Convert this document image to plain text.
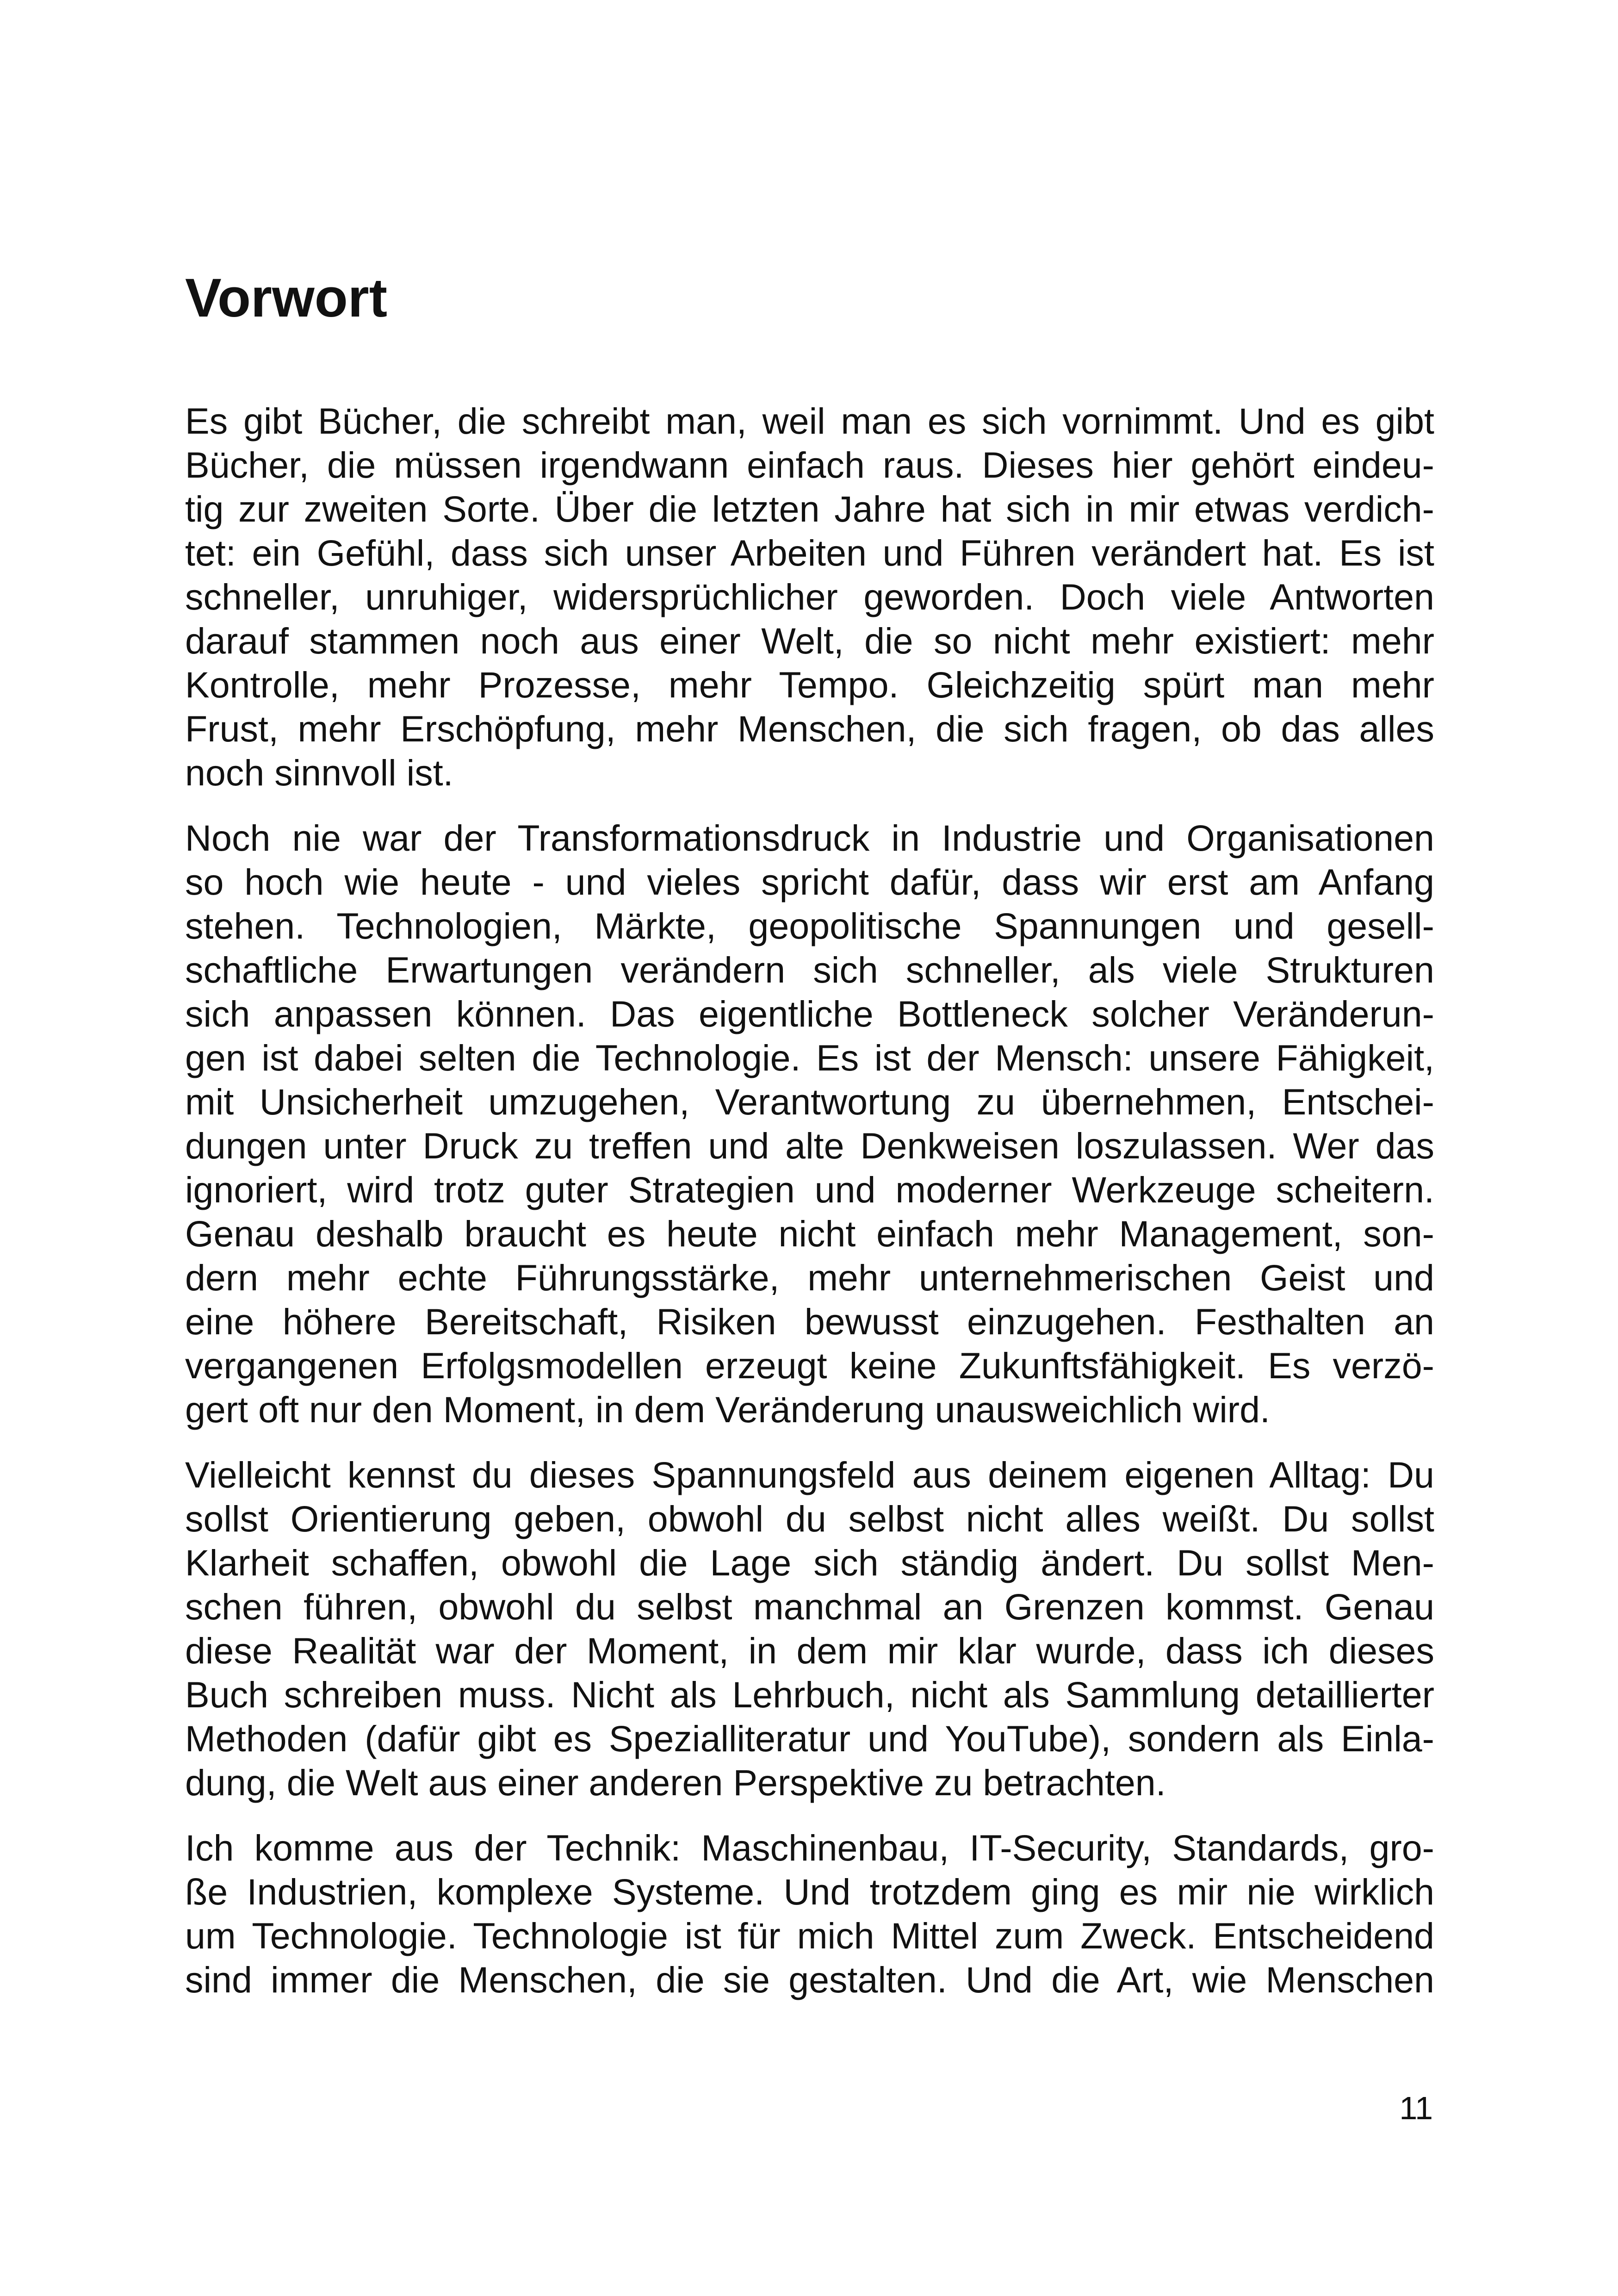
Vorwort

Es gibt Bücher, die schreibt man, weil man es sich vornimmt. Und es gibt
Bücher, die müssen irgendwann einfach raus. Dieses hier gehört eindeu-
tig zur zweiten Sorte. Über die letzten Jahre hat sich in mir etwas verdich-
tet: ein Gefühl, dass sich unser Arbeiten und Führen verändert hat. Es ist
schneller, unruhiger, widersprüchlicher geworden. Doch viele Antworten
darauf stammen noch aus einer Welt, die so nicht mehr existiert: mehr
Kontrolle, mehr Prozesse, mehr Tempo. Gleichzeitig spürt man mehr
Frust, mehr Erschöpfung, mehr Menschen, die sich fragen, ob das alles
noch sinnvoll ist.

Noch nie war der Transformationsdruck in Industrie und Organisationen
so hoch wie heute - und vieles spricht dafür, dass wir erst am Anfang
stehen. Technologien, Märkte, geopolitische Spannungen und gesell-
schaftliche Erwartungen verändern sich schneller, als viele Strukturen
sich anpassen können. Das eigentliche Bottleneck solcher Veränderun-
gen ist dabei selten die Technologie. Es ist der Mensch: unsere Fähigkeit,
mit Unsicherheit umzugehen, Verantwortung zu übernehmen, Entschei-
dungen unter Druck zu treffen und alte Denkweisen loszulassen. Wer das
ignoriert, wird trotz guter Strategien und moderner Werkzeuge scheitern.
Genau deshalb braucht es heute nicht einfach mehr Management, son-
dern mehr echte Führungsstärke, mehr unternehmerischen Geist und
eine höhere Bereitschaft, Risiken bewusst einzugehen. Festhalten an
vergangenen Erfolgsmodellen erzeugt keine Zukunftsfähigkeit. Es verzö-
gert oft nur den Moment, in dem Veränderung unausweichlich wird.

Vielleicht kennst du dieses Spannungsfeld aus deinem eigenen Alltag: Du
sollst Orientierung geben, obwohl du selbst nicht alles weißt. Du sollst
Klarheit schaffen, obwohl die Lage sich ständig ändert. Du sollst Men-
schen führen, obwohl du selbst manchmal an Grenzen kommst. Genau
diese Realität war der Moment, in dem mir klar wurde, dass ich dieses
Buch schreiben muss. Nicht als Lehrbuch, nicht als Sammlung detaillierter
Methoden (dafür gibt es Spezialliteratur und YouTube), sondern als Einla-
dung, die Welt aus einer anderen Perspektive zu betrachten.

Ich komme aus der Technik: Maschinenbau, IT-Security, Standards, gro-
ße Industrien, komplexe Systeme. Und trotzdem ging es mir nie wirklich
um Technologie. Technologie ist für mich Mittel zum Zweck. Entscheidend
sind immer die Menschen, die sie gestalten. Und die Art, wie Menschen

11
